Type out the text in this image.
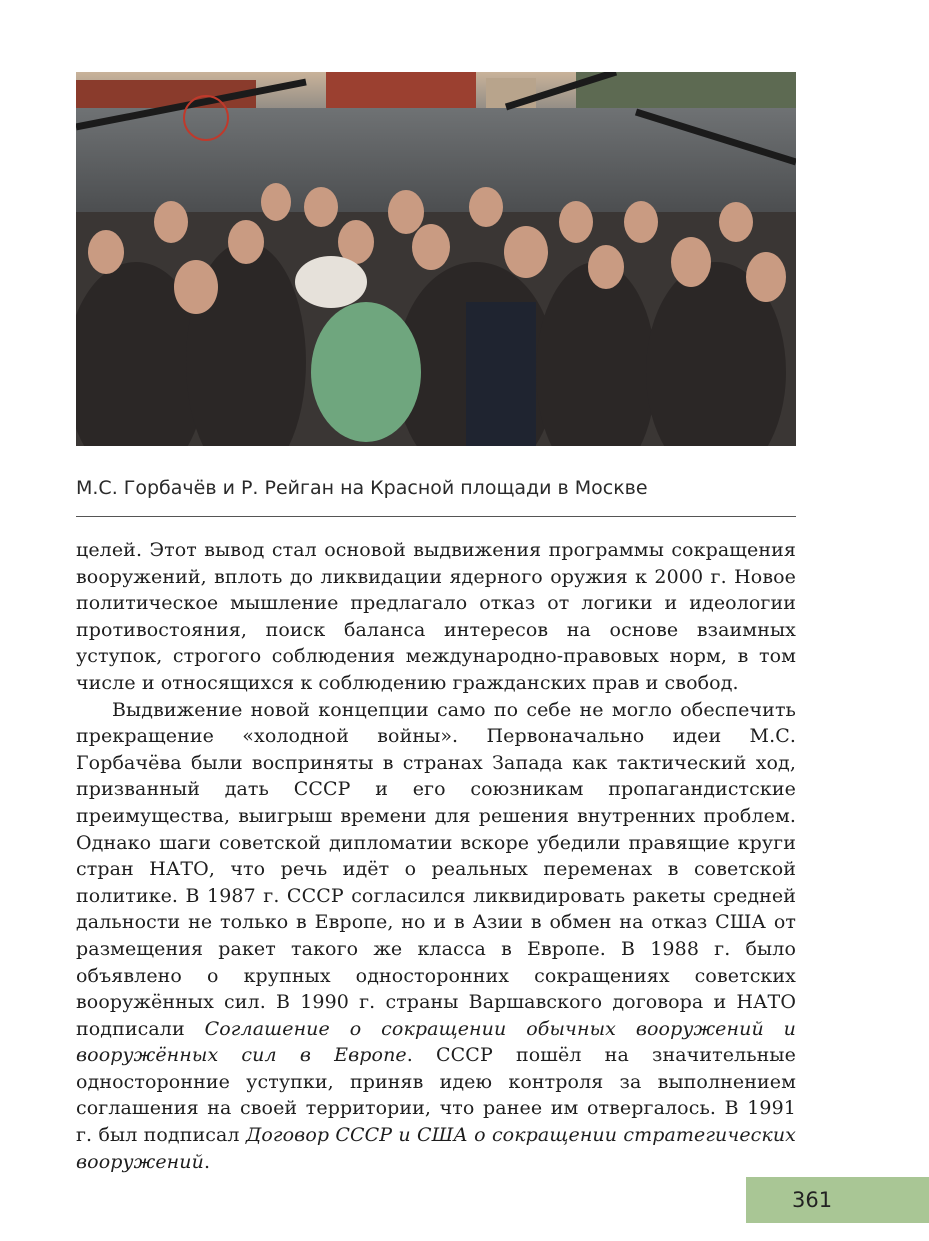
М.С. Горбачёв и Р. Рейган на Красной площади в Москве

целей. Этот вывод стал основой выдвижения программы сокращения вооружений, вплоть до ликвидации ядерного оружия к 2000 г. Новое политическое мышление предлагало отказ от логики и идеологии противостояния, поиск баланса интересов на основе взаимных уступок, строгого соблюдения международно-правовых норм, в том числе и относящихся к соблюдению гражданских прав и свобод.

Выдвижение новой концепции само по себе не могло обеспечить прекращение «холодной войны». Первоначально идеи М.С. Горбачёва были восприняты в странах Запада как тактический ход, призванный дать СССР и его союзникам пропагандистские преимущества, выигрыш времени для решения внутренних проблем. Однако шаги советской дипломатии вскоре убедили правящие круги стран НАТО, что речь идёт о реальных переменах в советской политике. В 1987 г. СССР согласился ликвидировать ракеты средней дальности не только в Европе, но и в Азии в обмен на отказ США от размещения ракет такого же класса в Европе. В 1988 г. было объявлено о крупных односторонних сокращениях советских вооружённых сил. В 1990 г. страны Варшавского договора и НАТО подписали Соглашение о сокращении обычных вооружений и вооружённых сил в Европе. СССР пошёл на значительные односторонние уступки, приняв идею контроля за выполнением соглашения на своей территории, что ранее им отвергалось. В 1991 г. был подписал Договор СССР и США о сокращении стратегических вооружений.

361
